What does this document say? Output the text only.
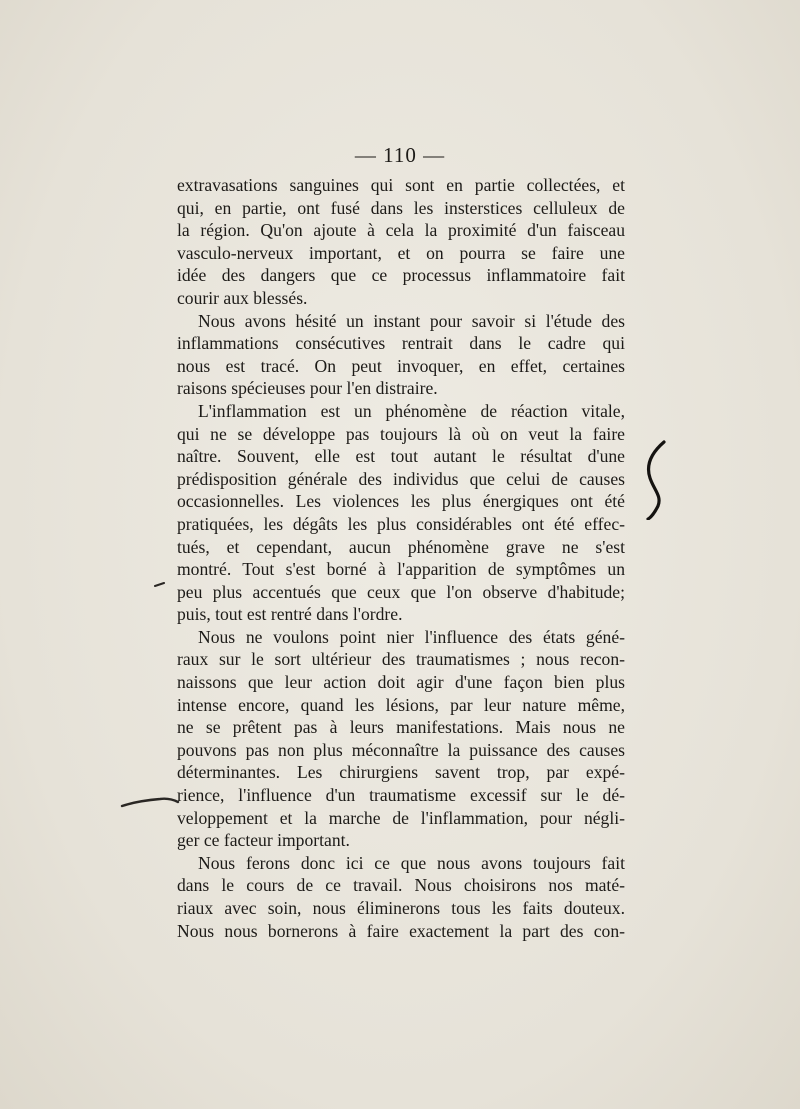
— 110 —
extravasations sanguines qui sont en partie collectées, et
qui, en partie, ont fusé dans les insterstices celluleux de
la région. Qu'on ajoute à cela la proximité d'un faisceau
vasculo-nerveux important, et on pourra se faire une
idée des dangers que ce processus inflammatoire fait
courir aux blessés.
Nous avons hésité un instant pour savoir si l'étude des
inflammations consécutives rentrait dans le cadre qui
nous est tracé. On peut invoquer, en effet, certaines
raisons spécieuses pour l'en distraire.
L'inflammation est un phénomène de réaction vitale,
qui ne se développe pas toujours là où on veut la faire
naître. Souvent, elle est tout autant le résultat d'une
prédisposition générale des individus que celui de causes
occasionnelles. Les violences les plus énergiques ont été
pratiquées, les dégâts les plus considérables ont été effec-
tués, et cependant, aucun phénomène grave ne s'est
montré. Tout s'est borné à l'apparition de symptômes un
peu plus accentués que ceux que l'on observe d'habitude;
puis, tout est rentré dans l'ordre.
Nous ne voulons point nier l'influence des états géné-
raux sur le sort ultérieur des traumatismes ; nous recon-
naissons que leur action doit agir d'une façon bien plus
intense encore, quand les lésions, par leur nature même,
ne se prêtent pas à leurs manifestations. Mais nous ne
pouvons pas non plus méconnaître la puissance des causes
déterminantes. Les chirurgiens savent trop, par expé-
rience, l'influence d'un traumatisme excessif sur le dé-
veloppement et la marche de l'inflammation, pour négli-
ger ce facteur important.
Nous ferons donc ici ce que nous avons toujours fait
dans le cours de ce travail. Nous choisirons nos maté-
riaux avec soin, nous éliminerons tous les faits douteux.
Nous nous bornerons à faire exactement la part des con-
